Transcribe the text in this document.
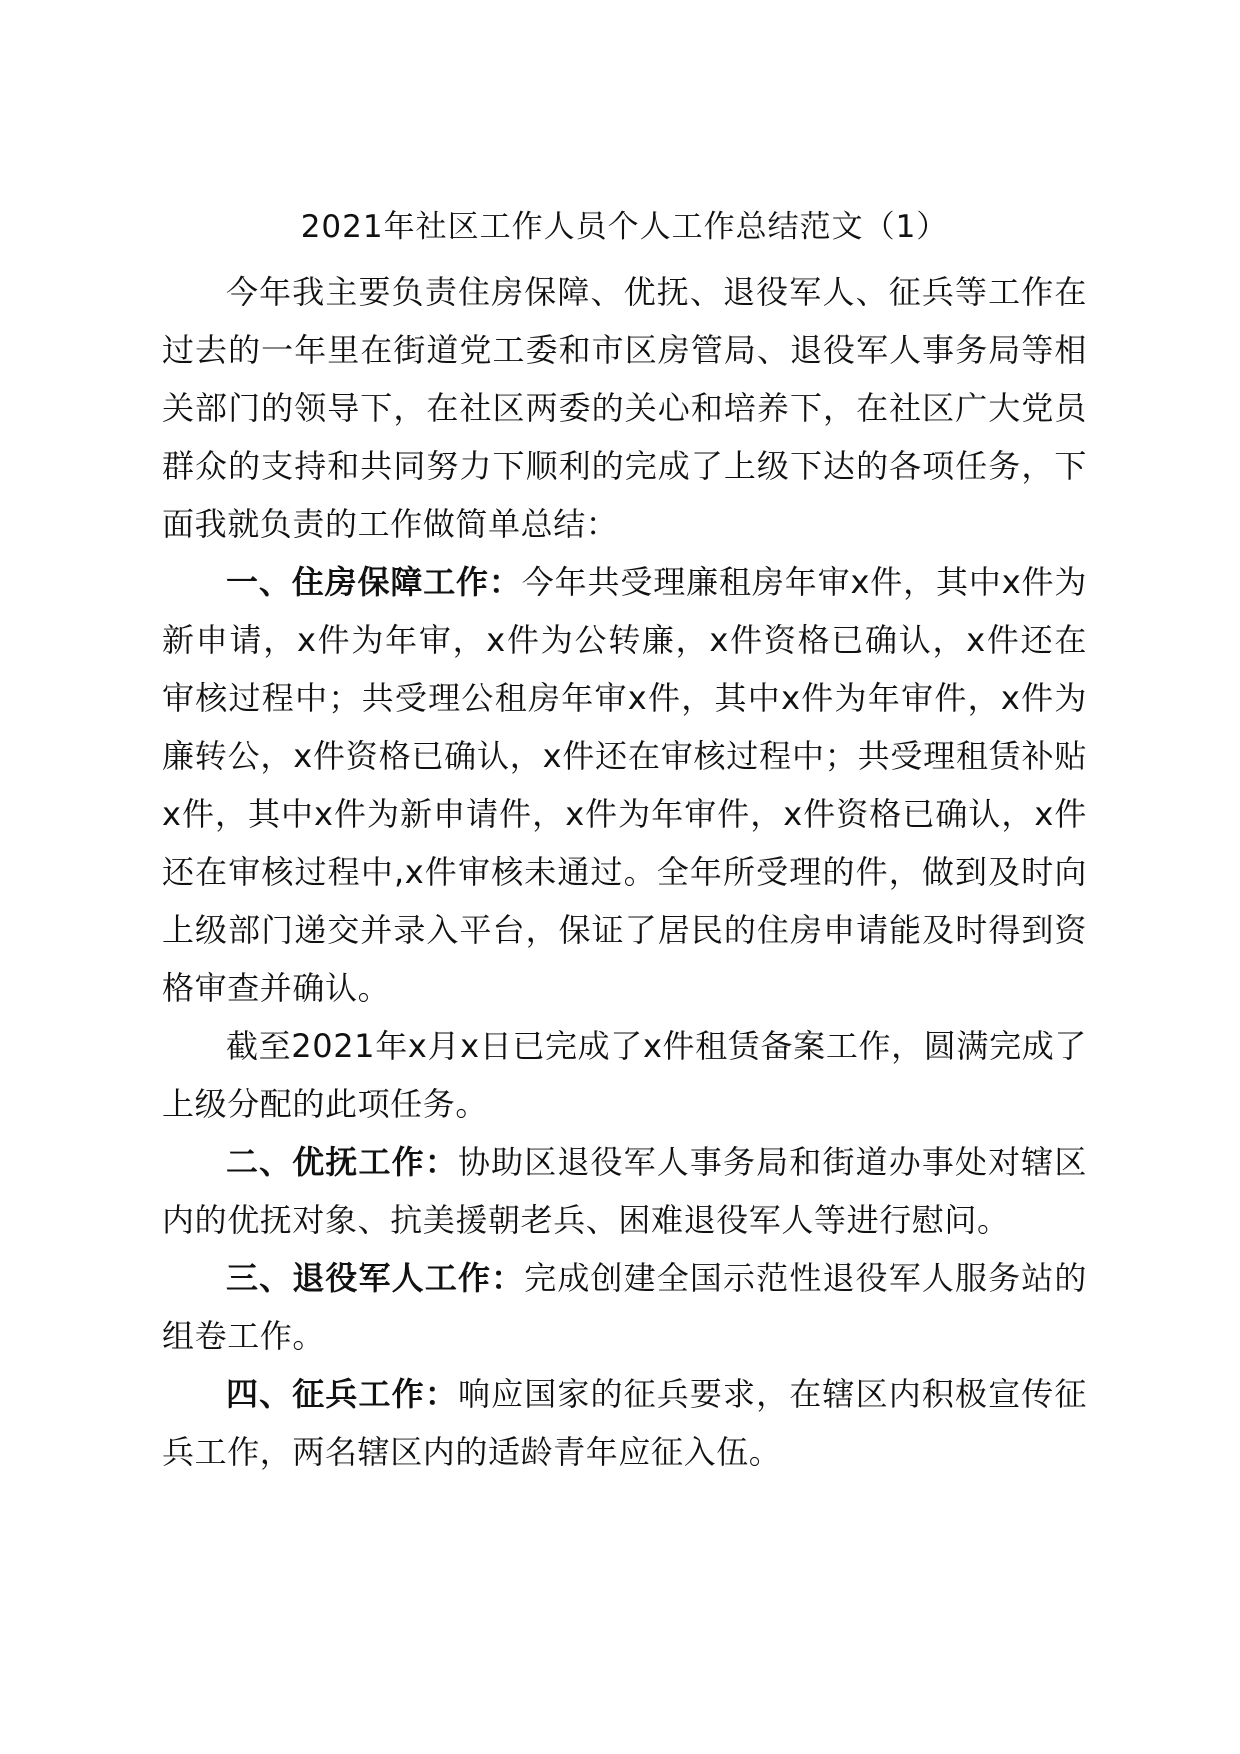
2021年社区工作人员个人工作总结范文（1）

今年我主要负责住房保障、优抚、退役军人、征兵等工作在过去的一年里在街道党工委和市区房管局、退役军人事务局等相关部门的领导下，在社区两委的关心和培养下，在社区广大党员群众的支持和共同努力下顺利的完成了上级下达的各项任务，下面我就负责的工作做简单总结：

一、住房保障工作：今年共受理廉租房年审x件，其中x件为新申请，x件为年审，x件为公转廉，x件资格已确认，x件还在审核过程中；共受理公租房年审x件，其中x件为年审件，x件为廉转公，x件资格已确认，x件还在审核过程中；共受理租赁补贴x件，其中x件为新申请件，x件为年审件，x件资格已确认，x件还在审核过程中,x件审核未通过。全年所受理的件，做到及时向上级部门递交并录入平台，保证了居民的住房申请能及时得到资格审查并确认。

截至2021年x月x日已完成了x件租赁备案工作，圆满完成了上级分配的此项任务。

二、优抚工作：协助区退役军人事务局和街道办事处对辖区内的优抚对象、抗美援朝老兵、困难退役军人等进行慰问。

三、退役军人工作：完成创建全国示范性退役军人服务站的组卷工作。

四、征兵工作：响应国家的征兵要求，在辖区内积极宣传征兵工作，两名辖区内的适龄青年应征入伍。
